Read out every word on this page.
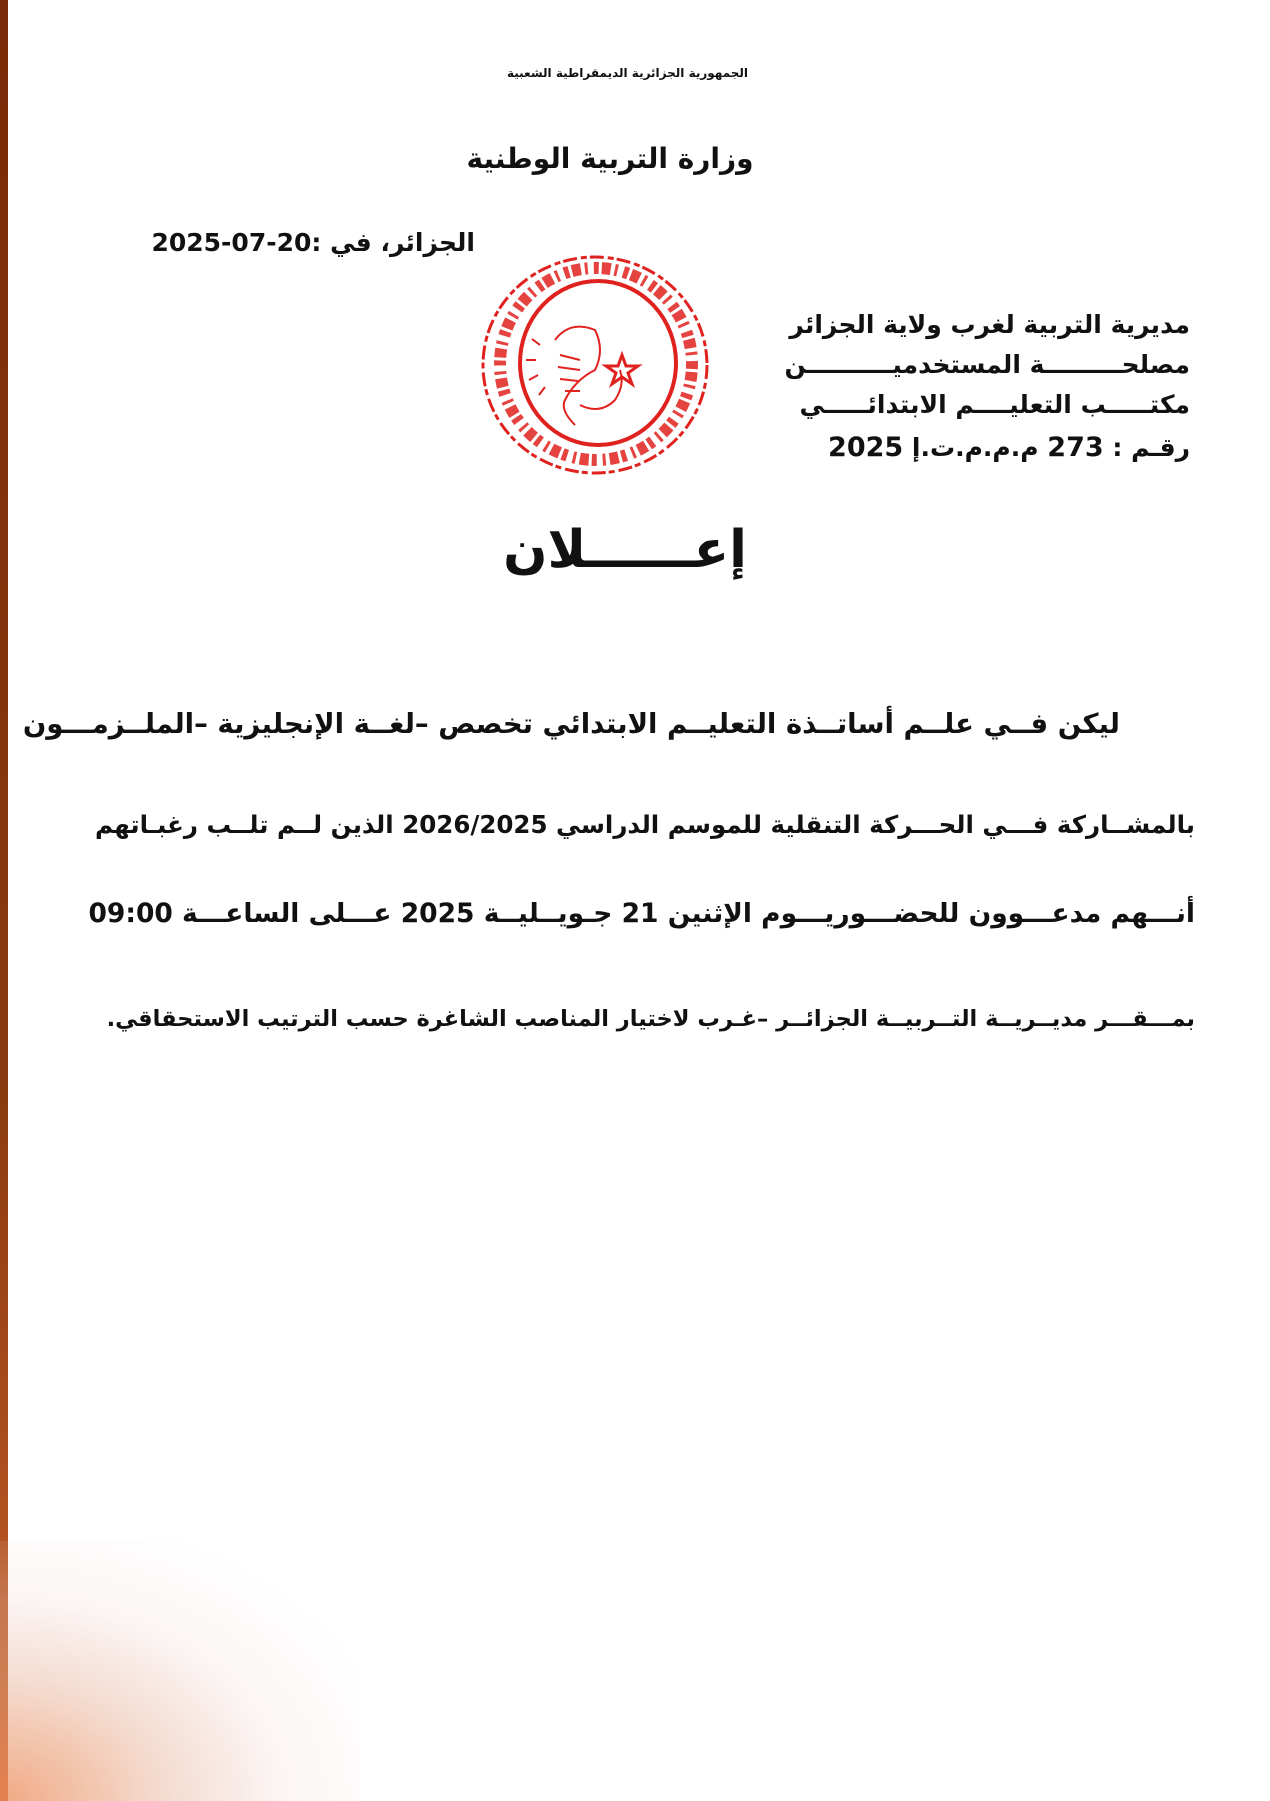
الجمهورية الجزائرية الديمقراطية الشعبية
وزارة التربية الوطنية
الجزائر، في :2025-07-20
مديرية التربية لغرب ولاية الجزائر
مصلحـــــــــة المستخدميــــــــــن
مكتـــــب التعليــــم الابتدائـــــي
رقـم : 273 م.م.م.ت.إ 2025
إعــــــلان
ليكن فــي علــم أساتــذة التعليــم الابتدائي تخصص –لغــة الإنجليزية –الملــزمـــون
بالمشــاركة فـــي الحـــركة التنقلية للموسم الدراسي 2026/2025 الذين لــم تلــب رغبـاتهم
أنـــهم مدعـــوون للحضـــوريـــوم الإثنين 21 جـويــليــة 2025 عـــلى الساعـــة 09:00
بمـــقـــر مديــريــة التــربيــة الجزائــر –غـرب لاختيار المناصب الشاغرة حسب الترتيب الاستحقاقي.
